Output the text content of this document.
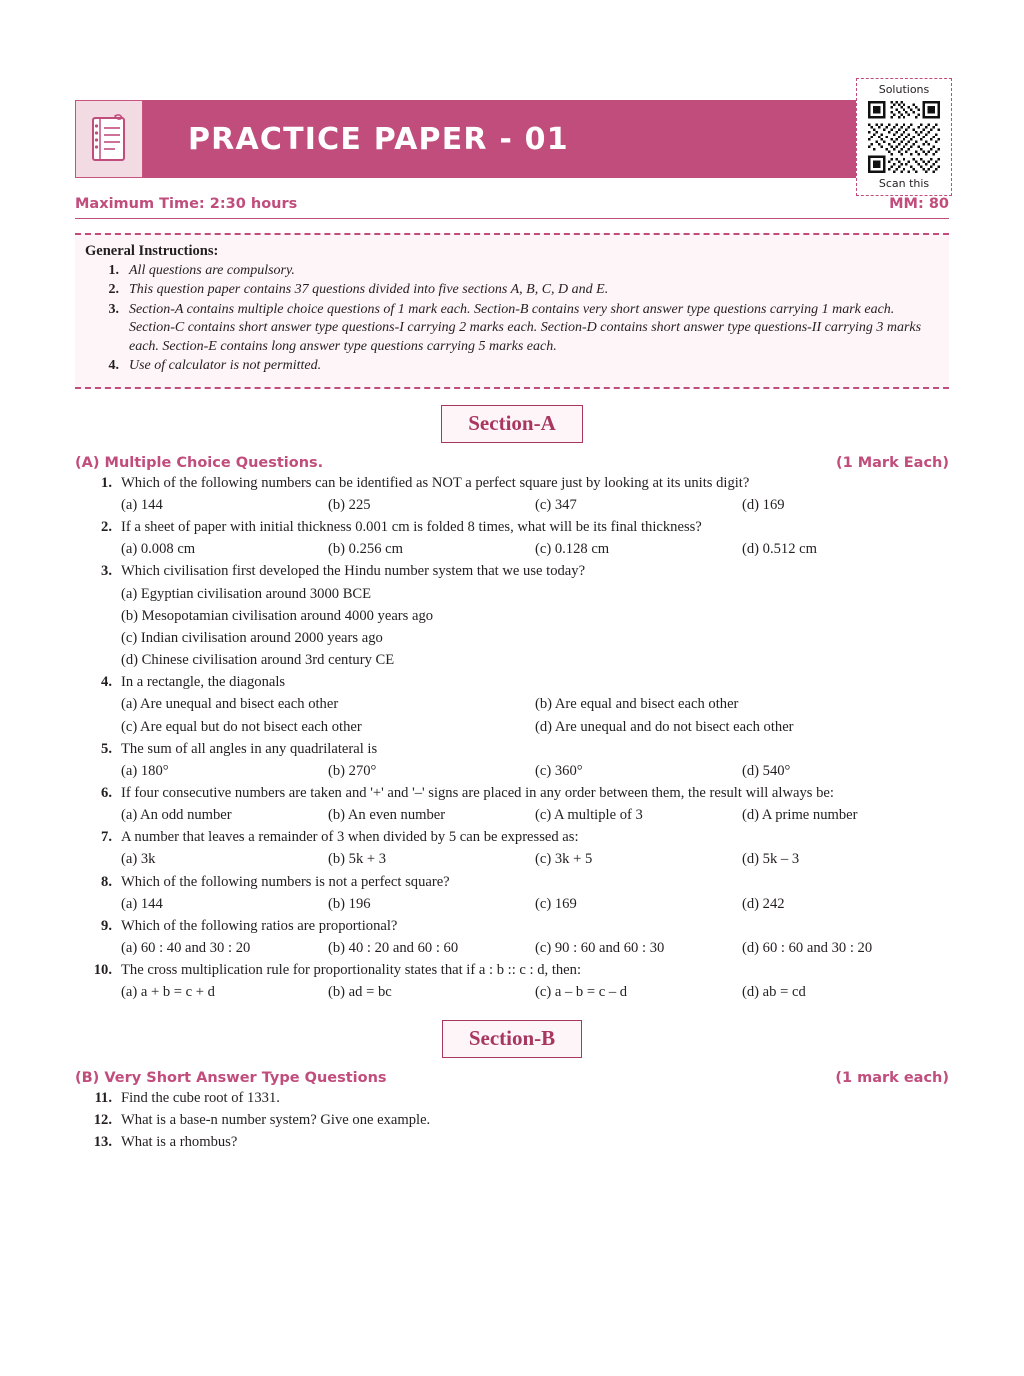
PRACTICE PAPER - 01
Solutions
Scan this
Maximum Time: 2:30 hours	MM: 80
General Instructions:
1. All questions are compulsory.
2. This question paper contains 37 questions divided into five sections A, B, C, D and E.
3. Section-A contains multiple choice questions of 1 mark each. Section-B contains very short answer type questions carrying 1 mark each. Section-C contains short answer type questions-I carrying 2 marks each. Section-D contains short answer type questions-II carrying 3 marks each. Section-E contains long answer type questions carrying 5 marks each.
4. Use of calculator is not permitted.
Section-A
(A) Multiple Choice Questions.	(1 Mark Each)
1. Which of the following numbers can be identified as NOT a perfect square just by looking at its units digit?
(a) 144	(b) 225	(c) 347	(d) 169
2. If a sheet of paper with initial thickness 0.001 cm is folded 8 times, what will be its final thickness?
(a) 0.008 cm	(b) 0.256 cm	(c) 0.128 cm	(d) 0.512 cm
3. Which civilisation first developed the Hindu number system that we use today?
(a) Egyptian civilisation around 3000 BCE
(b) Mesopotamian civilisation around 4000 years ago
(c) Indian civilisation around 2000 years ago
(d) Chinese civilisation around 3rd century CE
4. In a rectangle, the diagonals
(a) Are unequal and bisect each other	(b) Are equal and bisect each other
(c) Are equal but do not bisect each other	(d) Are unequal and do not bisect each other
5. The sum of all angles in any quadrilateral is
(a) 180°	(b) 270°	(c) 360°	(d) 540°
6. If four consecutive numbers are taken and '+' and '–' signs are placed in any order between them, the result will always be:
(a) An odd number	(b) An even number	(c) A multiple of 3	(d) A prime number
7. A number that leaves a remainder of 3 when divided by 5 can be expressed as:
(a) 3k	(b) 5k + 3	(c) 3k + 5	(d) 5k – 3
8. Which of the following numbers is not a perfect square?
(a) 144	(b) 196	(c) 169	(d) 242
9. Which of the following ratios are proportional?
(a) 60 : 40 and 30 : 20	(b) 40 : 20 and 60 : 60	(c) 90 : 60 and 60 : 30	(d) 60 : 60 and 30 : 20
10. The cross multiplication rule for proportionality states that if a : b :: c : d, then:
(a) a + b = c + d	(b) ad = bc	(c) a – b = c – d	(d) ab = cd
Section-B
(B) Very Short Answer Type Questions	(1 mark each)
11. Find the cube root of 1331.
12. What is a base-n number system? Give one example.
13. What is a rhombus?
